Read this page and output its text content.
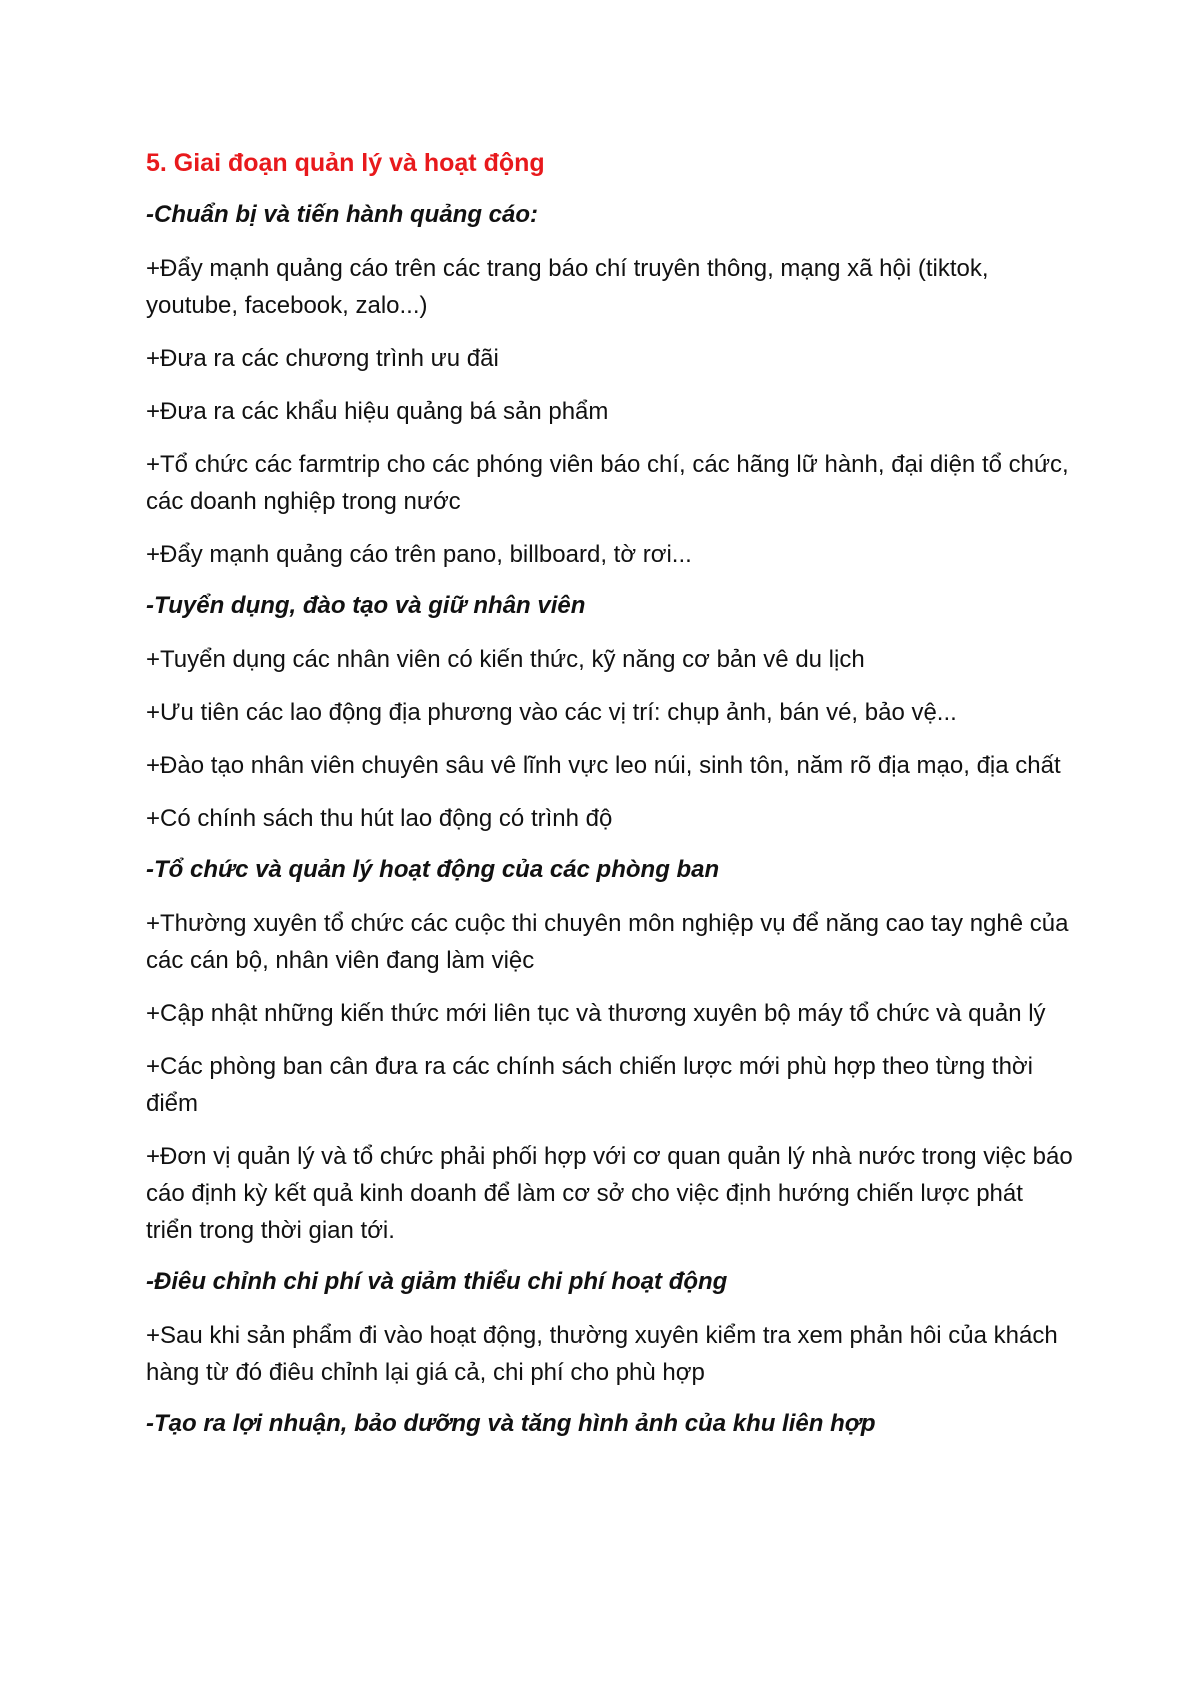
5. Giai đoạn quản lý và hoạt động
-Chuẩn bị và tiến hành quảng cáo:
+Đẩy mạnh quảng cáo trên các trang báo chí truyên thông, mạng xã hội (tiktok, youtube, facebook, zalo...)
+Đưa ra các chương trình ưu đãi
+Đưa ra các khẩu hiệu quảng bá sản phẩm
+Tổ chức các farmtrip cho các phóng viên báo chí, các hãng lữ hành, đại diện tổ chức, các doanh nghiệp trong nước
+Đẩy mạnh quảng cáo trên pano, billboard, tờ rơi...
-Tuyển dụng, đào tạo và giữ nhân viên
+Tuyển dụng các nhân viên có kiến thức, kỹ năng cơ bản vê du lịch
+Ưu tiên các lao động địa phương vào các vị trí: chụp ảnh, bán vé, bảo vệ...
+Đào tạo nhân viên chuyên sâu vê lĩnh vực leo núi, sinh tôn, năm rõ địa mạo, địa chất
+Có chính sách thu hút lao động có trình độ
-Tổ chức và quản lý hoạt động của các phòng ban
+Thường xuyên tổ chức các cuộc thi chuyên môn nghiệp vụ để năng cao tay nghê của các cán bộ, nhân viên đang làm việc
+Cập nhật những kiến thức mới liên tục và thương xuyên bộ máy tổ chức và quản lý
+Các phòng ban cân đưa ra các chính sách chiến lược mới phù hợp theo từng thời điểm
+Đơn vị quản lý và tổ chức phải phối hợp với cơ quan quản lý nhà nước trong việc báo cáo định kỳ kết quả kinh doanh để làm cơ sở cho việc định hướng chiến lược phát triển trong thời gian tới.
-Điêu chỉnh chi phí và giảm thiểu chi phí hoạt động
+Sau khi sản phẩm đi vào hoạt động, thường xuyên kiểm tra xem phản hôi của khách hàng từ đó điêu chỉnh lại giá cả, chi phí cho phù hợp
-Tạo ra lợi nhuận, bảo dưỡng và tăng hình ảnh của khu liên hợp
